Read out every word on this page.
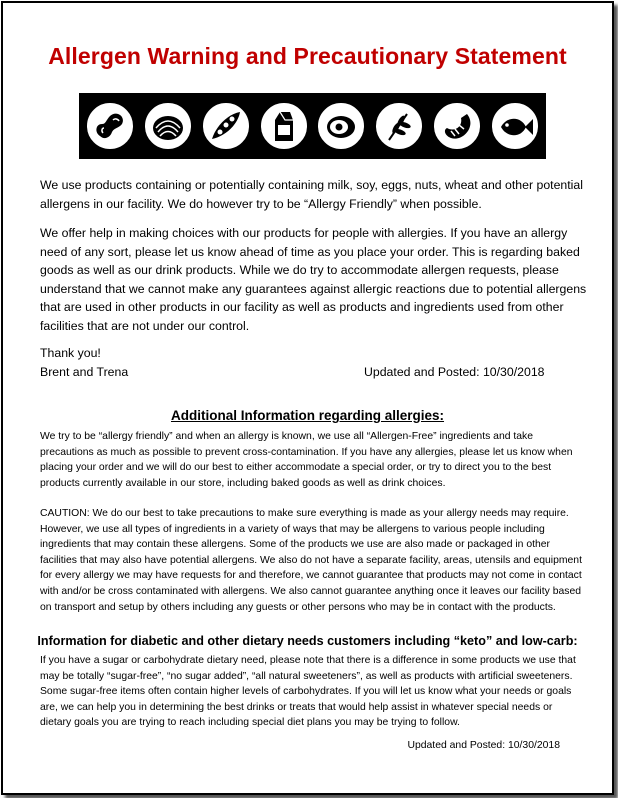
Allergen Warning and Precautionary Statement
We use products containing or potentially containing milk, soy, eggs, nuts, wheat and other potential allergens in our facility. We do however try to be “Allergy Friendly” when possible.
We offer help in making choices with our products for people with allergies. If you have an allergy need of any sort, please let us know ahead of time as you place your order. This is regarding baked goods as well as our drink products. While we do try to accommodate allergen requests, please understand that we cannot make any guarantees against allergic reactions due to potential allergens that are used in other products in our facility as well as products and ingredients used from other facilities that are not under our control.
Thank you!
Brent and Trena	Updated and Posted: 10/30/2018
Additional Information regarding allergies:
We try to be “allergy friendly” and when an allergy is known, we use all “Allergen-Free” ingredients and take precautions as much as possible to prevent cross-contamination. If you have any allergies, please let us know when placing your order and we will do our best to either accommodate a special order, or try to direct you to the best products currently available in our store, including baked goods as well as drink choices.
CAUTION: We do our best to take precautions to make sure everything is made as your allergy needs may require. However, we use all types of ingredients in a variety of ways that may be allergens to various people including ingredients that may contain these allergens. Some of the products we use are also made or packaged in other facilities that may also have potential allergens. We also do not have a separate facility, areas, utensils and equipment for every allergy we may have requests for and therefore, we cannot guarantee that products may not come in contact with and/or be cross contaminated with allergens. We also cannot guarantee anything once it leaves our facility based on transport and setup by others including any guests or other persons who may be in contact with the products.
Information for diabetic and other dietary needs customers including “keto” and low-carb:
If you have a sugar or carbohydrate dietary need, please note that there is a difference in some products we use that may be totally “sugar-free”, “no sugar added”, “all natural sweeteners”, as well as products with artificial sweeteners. Some sugar-free items often contain higher levels of carbohydrates. If you will let us know what your needs or goals are, we can help you in determining the best drinks or treats that would help assist in whatever special needs or dietary goals you are trying to reach including special diet plans you may be trying to follow.
Updated and Posted: 10/30/2018
